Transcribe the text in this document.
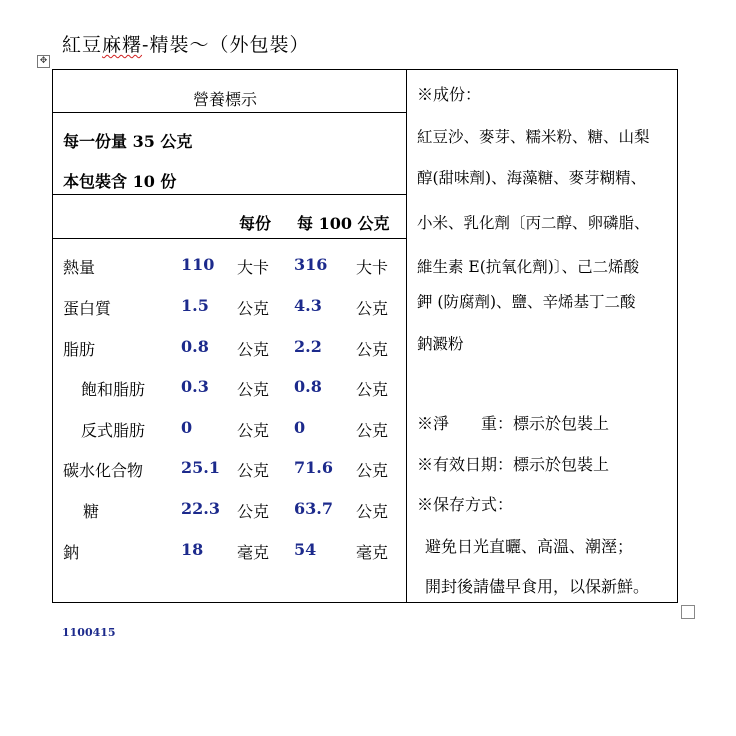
紅豆麻糬-精裝～（外包裝）
✥
營養標示
每一份量 35 公克
本包裝含 10 份
每份 每 100 公克
熱量	110 大卡 316 大卡
蛋白質	1.5 公克 4.3 公克
脂肪	0.8 公克 2.2 公克
飽和脂肪 0.3 公克 0.8 公克
反式脂肪 0	公克 0	公克
碳水化合物 25.1 公克 71.6 公克
糖	22.3 公克 63.7 公克
鈉	18 毫克 54 毫克
※成份：
紅豆沙、麥芽、糯米粉、糖、山梨
醇(甜味劑)、海藻糖、麥芽糊精、
小米、乳化劑〔丙二醇、卵磷脂、
維生素 E(抗氧化劑)〕、己二烯酸
鉀 (防腐劑)、鹽、辛烯基丁二酸
鈉澱粉
※淨　　重：標示於包裝上
※有效日期：標示於包裝上
※保存方式：
避免日光直曬、高溫、潮溼；
開封後請儘早食用，以保新鮮。
1100415
